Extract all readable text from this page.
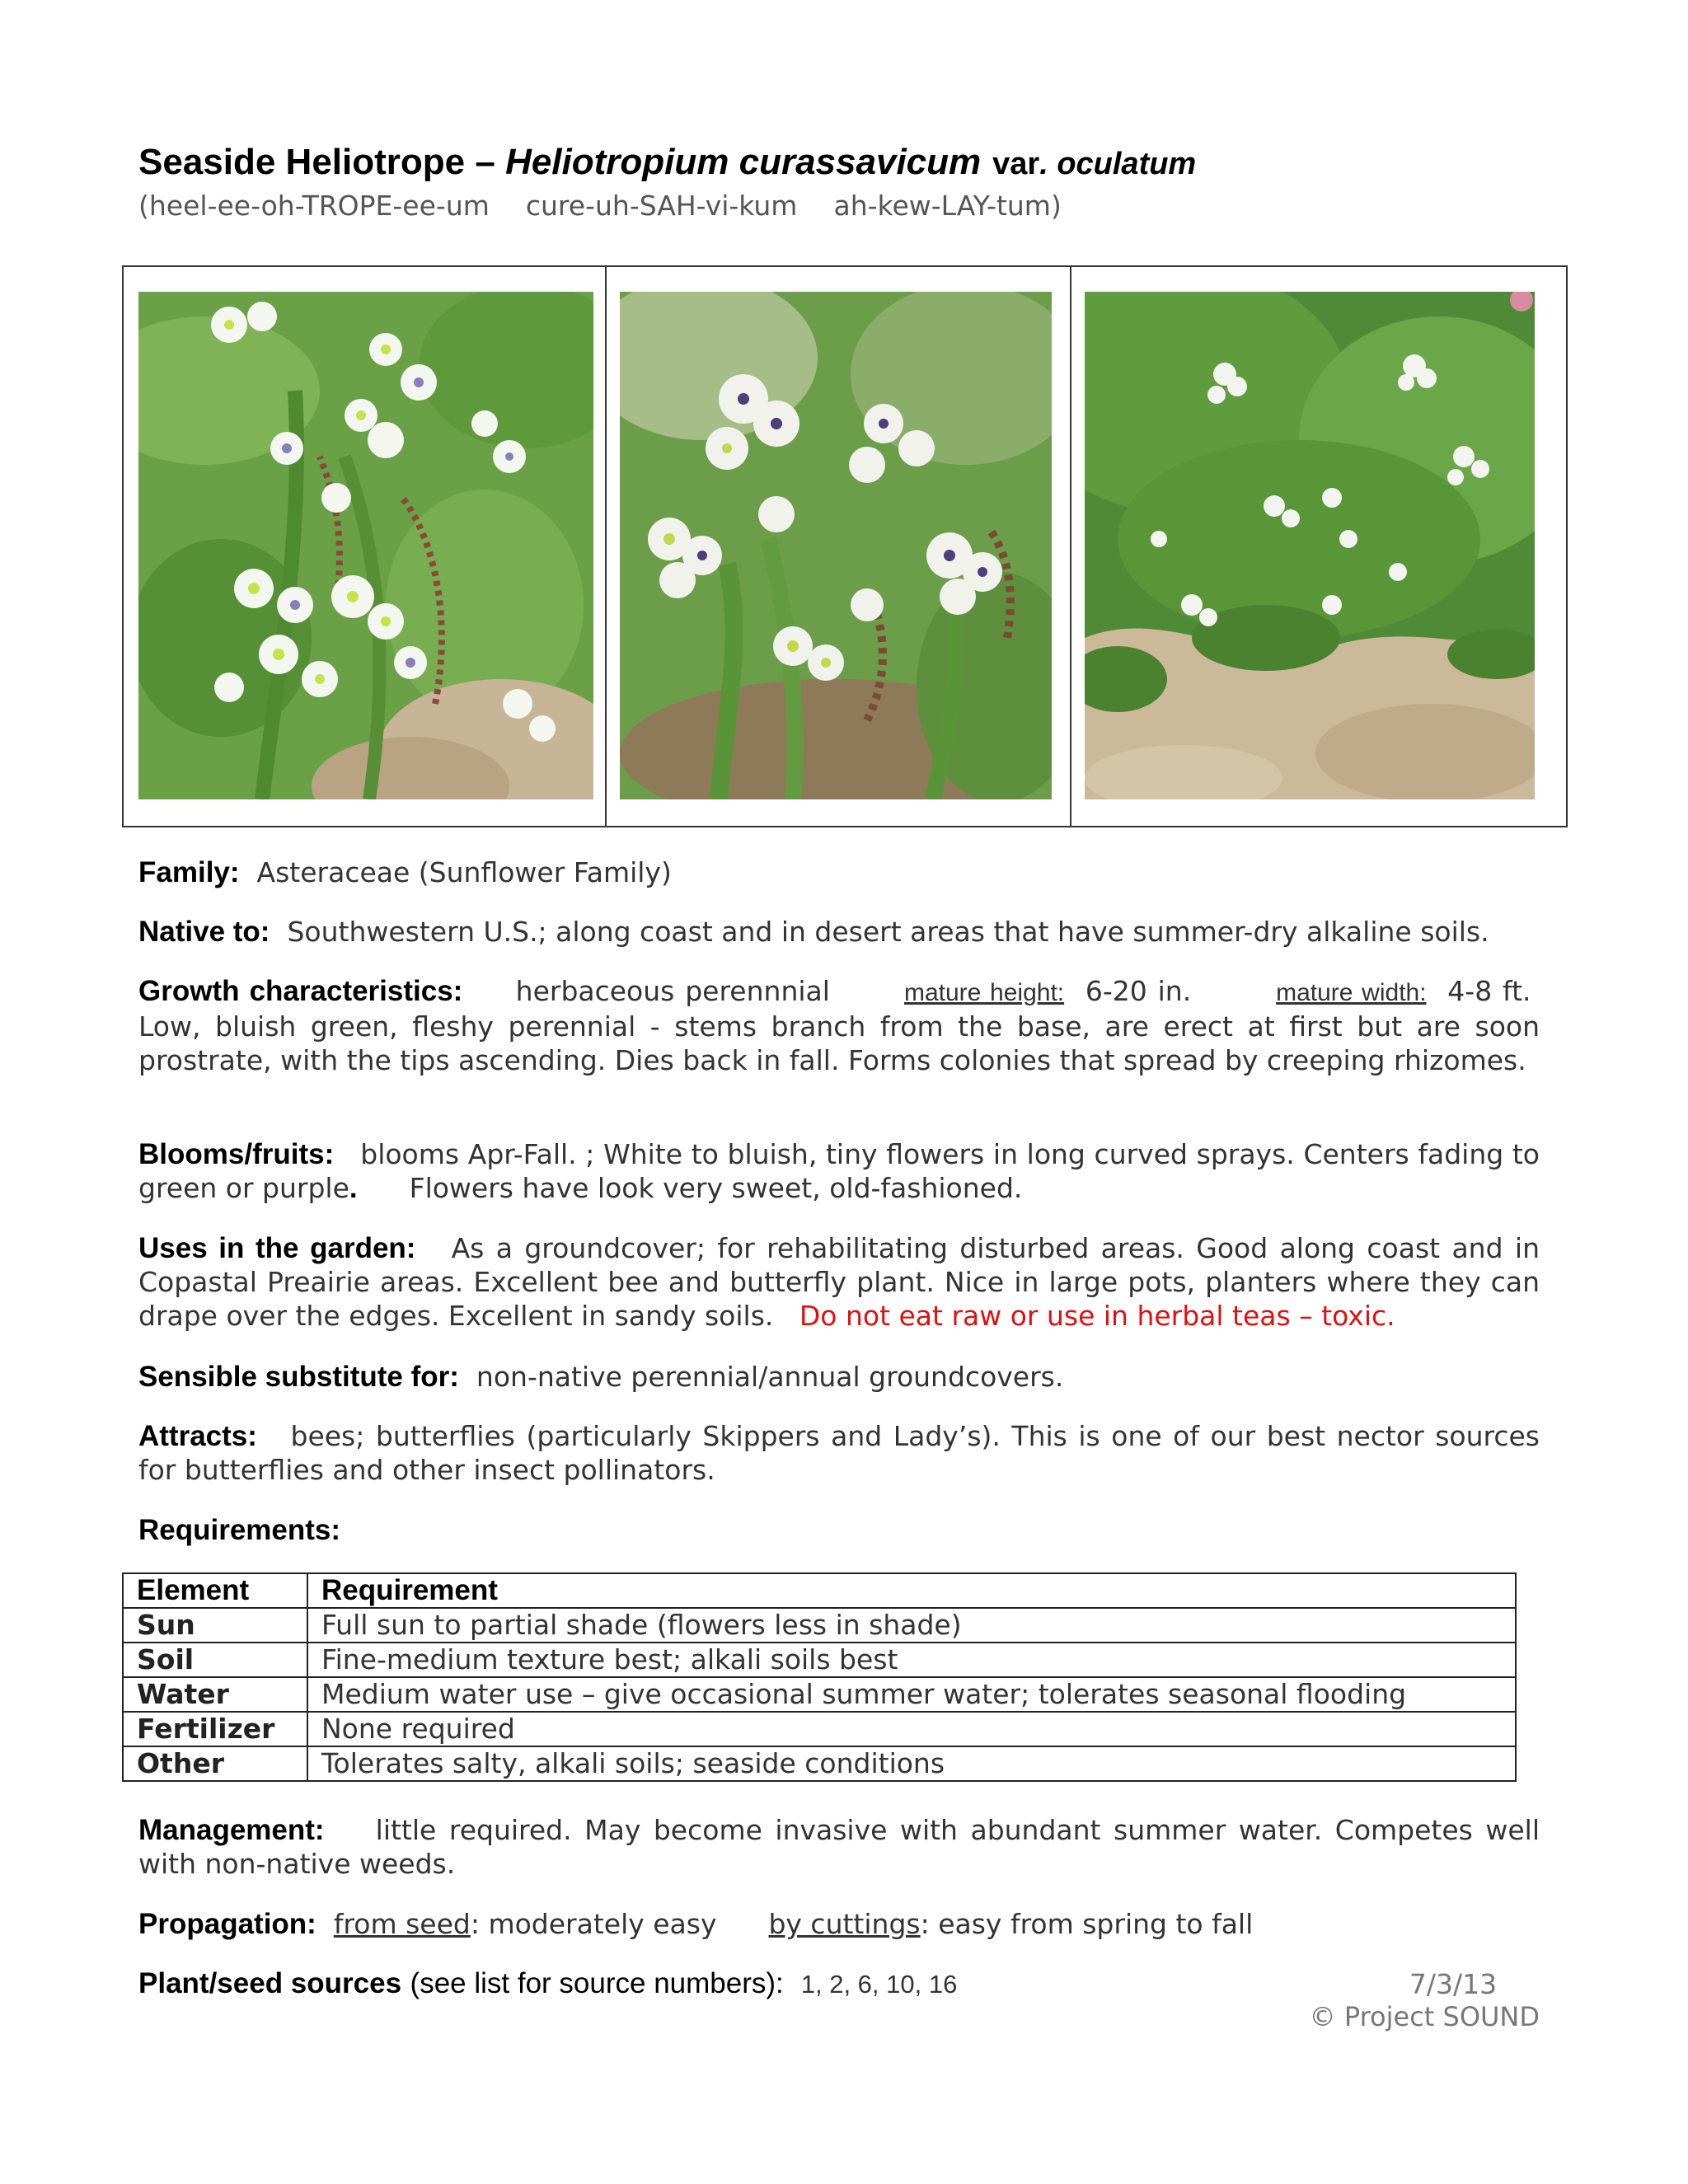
Seaside Heliotrope – Heliotropium curassavicum var. oculatum
(heel-ee-oh-TROPE-ee-um cure-uh-SAH-vi-kum ah-kew-LAY-tum)
Family: Asteraceae (Sunflower Family)
Native to: Southwestern U.S.; along coast and in desert areas that have summer-dry alkaline soils.
Growth characteristics: herbaceous perennnial	mature height: 6-20 in.	mature width: 4-8 ft.  Low, bluish green, fleshy perennial - stems branch from the base, are erect at first but are soon prostrate, with the tips ascending. Dies back in fall. Forms colonies that spread by creeping rhizomes.
Blooms/fruits: blooms Apr-Fall. ; White to bluish, tiny flowers in long curved sprays. Centers fading to green or purple. Flowers have look very sweet, old-fashioned.
Uses in the garden: As a groundcover; for rehabilitating disturbed areas. Good along coast and in Copastal Preairie areas. Excellent bee and butterfly plant. Nice in large pots, planters where they can drape over the edges. Excellent in sandy soils. Do not eat raw or use in herbal teas – toxic.
Sensible substitute for: non-native perennial/annual groundcovers.
Attracts: bees; butterflies (particularly Skippers and Lady’s). This is one of our best nector sources for butterflies and other insect pollinators.
Requirements:
Element	Requirement
Sun	Full sun to partial shade (flowers less in shade)
Soil	Fine-medium texture best; alkali soils best
Water	Medium water use – give occasional summer water; tolerates seasonal flooding
Fertilizer	None required
Other	Tolerates salty, alkali soils; seaside conditions
Management: little required. May become invasive with abundant summer water. Competes well with non-native weeds.
Propagation: from seed: moderately easy by cuttings: easy from spring to fall
Plant/seed sources (see list for source numbers): 1, 2, 6, 10, 16	7/3/13
© Project SOUND
